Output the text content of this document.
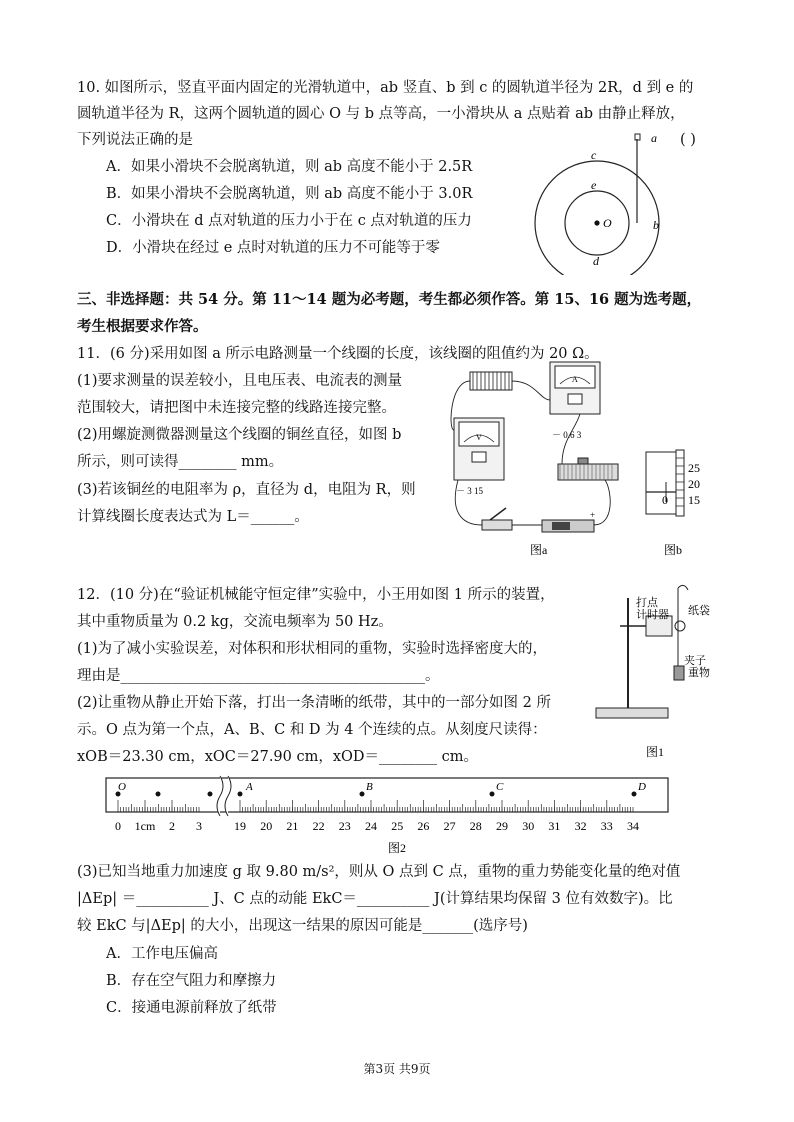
10. 如图所示，竖直平面内固定的光滑轨道中，ab 竖直、b 到 c 的圆轨道半径为 2R，d 到 e 的
圆轨道半径为 R，这两个圆轨道的圆心 O 与 b 点等高，一小滑块从 a 点贴着 ab 由静止释放，
下列说法正确的是	( )
A．如果小滑块不会脱离轨道，则 ab 高度不能小于 2.5R
B．如果小滑块不会脱离轨道，则 ab 高度不能小于 3.0R
C．小滑块在 d 点对轨道的压力小于在 c 点对轨道的压力
D．小滑块在经过 e 点时对轨道的压力不可能等于零
a
b
c
d
e
O
三、非选择题：共 54 分。第 11～14 题为必考题，考生都必须作答。第 15、16 题为选考题，
考生根据要求作答。
11．(6 分)采用如图 a 所示电路测量一个线圈的长度，该线圈的阻值约为 20 Ω。
(1)要求测量的误差较小，且电压表、电流表的测量
范围较大，请把图中未连接完整的线路连接完整。
(2)用螺旋测微器测量这个线圈的铜丝直径，如图 b
所示，则可读得________ mm。
(3)若该铜丝的电阻率为 ρ，直径为 d，电阻为 R，则
计算线圈长度表达式为 L＝______。
A
－ 0.6 3
V
－ 3 15
+
图a
25
20
15
0
图b
12．(10 分)在“验证机械能守恒定律”实验中，小王用如图 1 所示的装置，
其中重物质量为 0.2 kg，交流电频率为 50 Hz。
(1)为了减小实验误差，对体积和形状相同的重物，实验时选择密度大的，
理由是__________________________________________。
(2)让重物从静止开始下落，打出一条清晰的纸带，其中的一部分如图 2 所
示。O 点为第一个点，A、B、C 和 D 为 4 个连续的点。从刻度尺读得：
xOB＝23.30 cm，xOC＝27.90 cm，xOD＝________ cm。
打点
计时器 纸袋
夹子
重物
图1
O	A	B	C	D
0 1cm 2 3	19 20 21 22 23 24 25 26 27 28 29 30 31 32 33 34
图2
(3)已知当地重力加速度 g 取 9.80 m/s²，则从 O 点到 C 点，重物的重力势能变化量的绝对值
|ΔEp| ＝__________ J、C 点的动能 EkC＝__________ J(计算结果均保留 3 位有效数字)。比
较 EkC 与|ΔEp| 的大小，出现这一结果的原因可能是_______(选序号)
A．工作电压偏高
B．存在空气阻力和摩擦力
C．接通电源前释放了纸带
第3页 共9页
